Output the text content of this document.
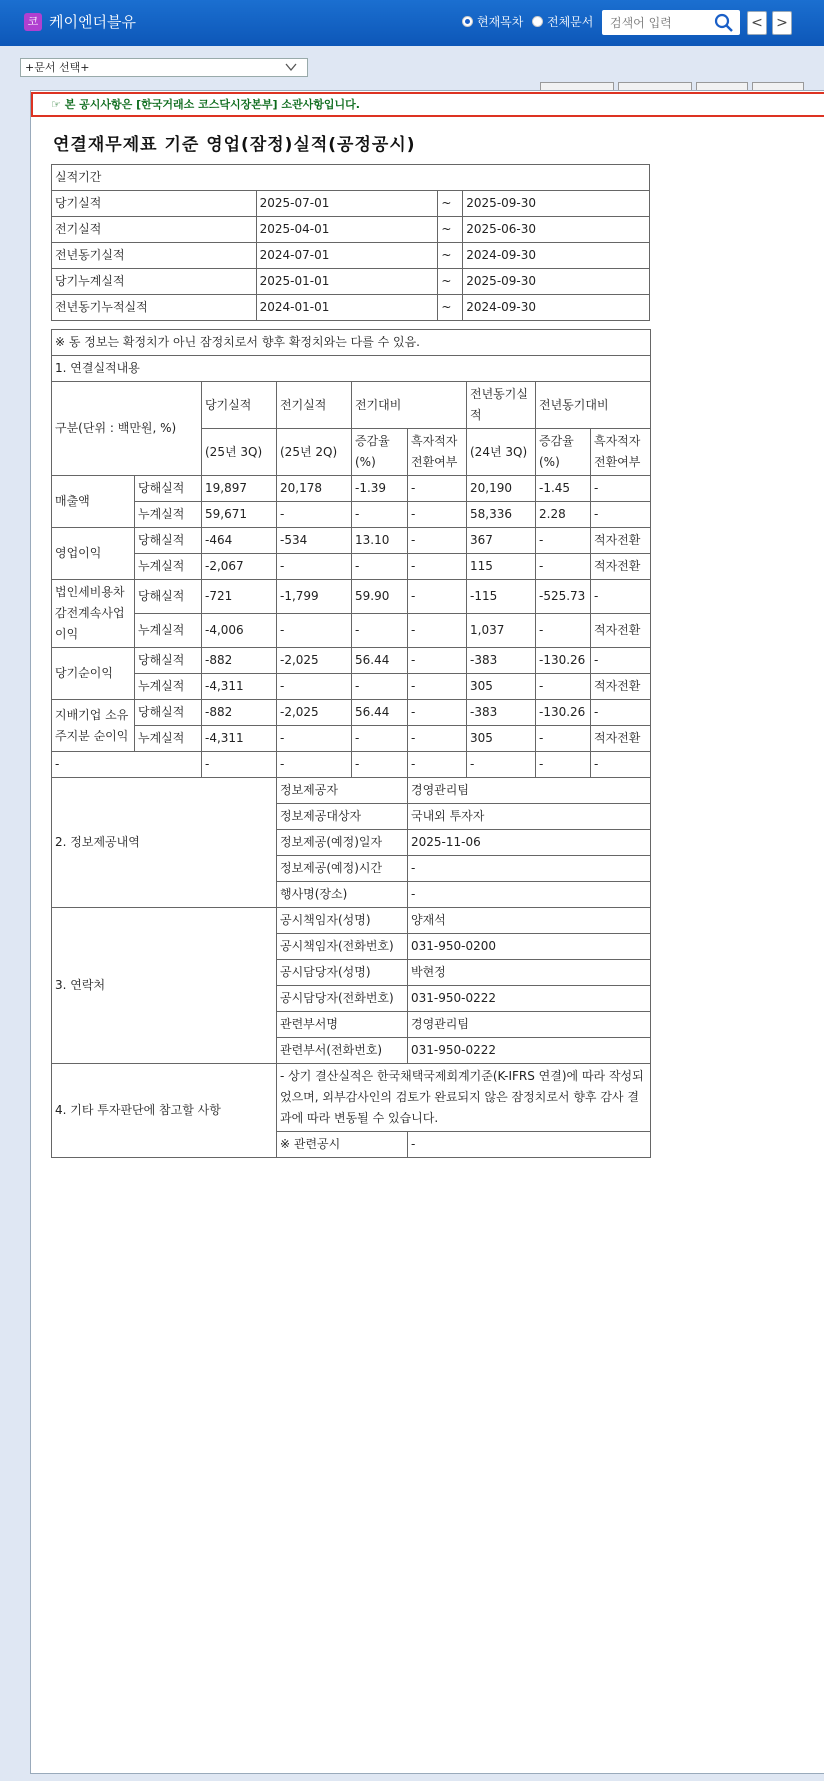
코 케이엔더블유	현재목차 전체문서
검색어 입력	< >
+문서 선택+
☞ 본 공시사항은 [한국거래소 코스닥시장본부] 소관사항입니다.
연결재무제표 기준 영업(잠정)실적(공정공시)
실적기간			
당기실적	2025-07-01	~	2025-09-30
전기실적	2025-04-01	~	2025-06-30
전년동기실적	2024-07-01	~	2024-09-30
당기누계실적	2025-01-01	~	2025-09-30
전년동기누적실적	2024-01-01	~	2024-09-30
※ 동 정보는 확정치가 아닌 잠정치로서 향후 확정치와는 다를 수 있음.								
1. 연결실적내용								
구분(단위 : 백만원, %)		당기실적	전기실적	전기대비		전년동기실적	전년동기대비	
		(25년 3Q)	(25년 2Q)	증감율(%)	흑자적자전환여부	(24년 3Q)	증감율(%)	흑자적자전환여부
매출액	당해실적	19,897	20,178	-1.39	-	20,190	-1.45	-
	누계실적	59,671	-	-	-	58,336	2.28	-
영업이익	당해실적	-464	-534	13.10	-	367	-	적자전환
	누계실적	-2,067	-	-	-	115	-	적자전환
법인세비용차감전계속사업이익	당해실적	-721	-1,799	59.90	-	-115	-525.73	-
	누계실적	-4,006	-	-	-	1,037	-	적자전환
당기순이익	당해실적	-882	-2,025	56.44	-	-383	-130.26	-
	누계실적	-4,311	-	-	-	305	-	적자전환
지배기업 소유주지분 순이익	당해실적	-882	-2,025	56.44	-	-383	-130.26	-
	누계실적	-4,311	-	-	-	305	-	적자전환
-		-	-	-	-	-	-	-
2. 정보제공내역			정보제공자		경영관리팀			
			정보제공대상자		국내외 투자자			
			정보제공(예정)일자		2025-11-06			
			정보제공(예정)시간		-			
			행사명(장소)		-			
3. 연락처			공시책임자(성명)		양재석			
			공시책임자(전화번호)		031-950-0200			
			공시담당자(성명)		박현정			
			공시담당자(전화번호)		031-950-0222			
			관련부서명		경영관리팀			
			관련부서(전화번호)		031-950-0222			
4. 기타 투자판단에 참고할 사항			- 상기 결산실적은 한국채택국제회계기준(K-IFRS 연결)에 따라 작성되었으며, 외부감사인의 검토가 완료되지 않은 잠정치로서 향후 감사 결과에 따라 변동될 수 있습니다.					
			※ 관련공시		-			
